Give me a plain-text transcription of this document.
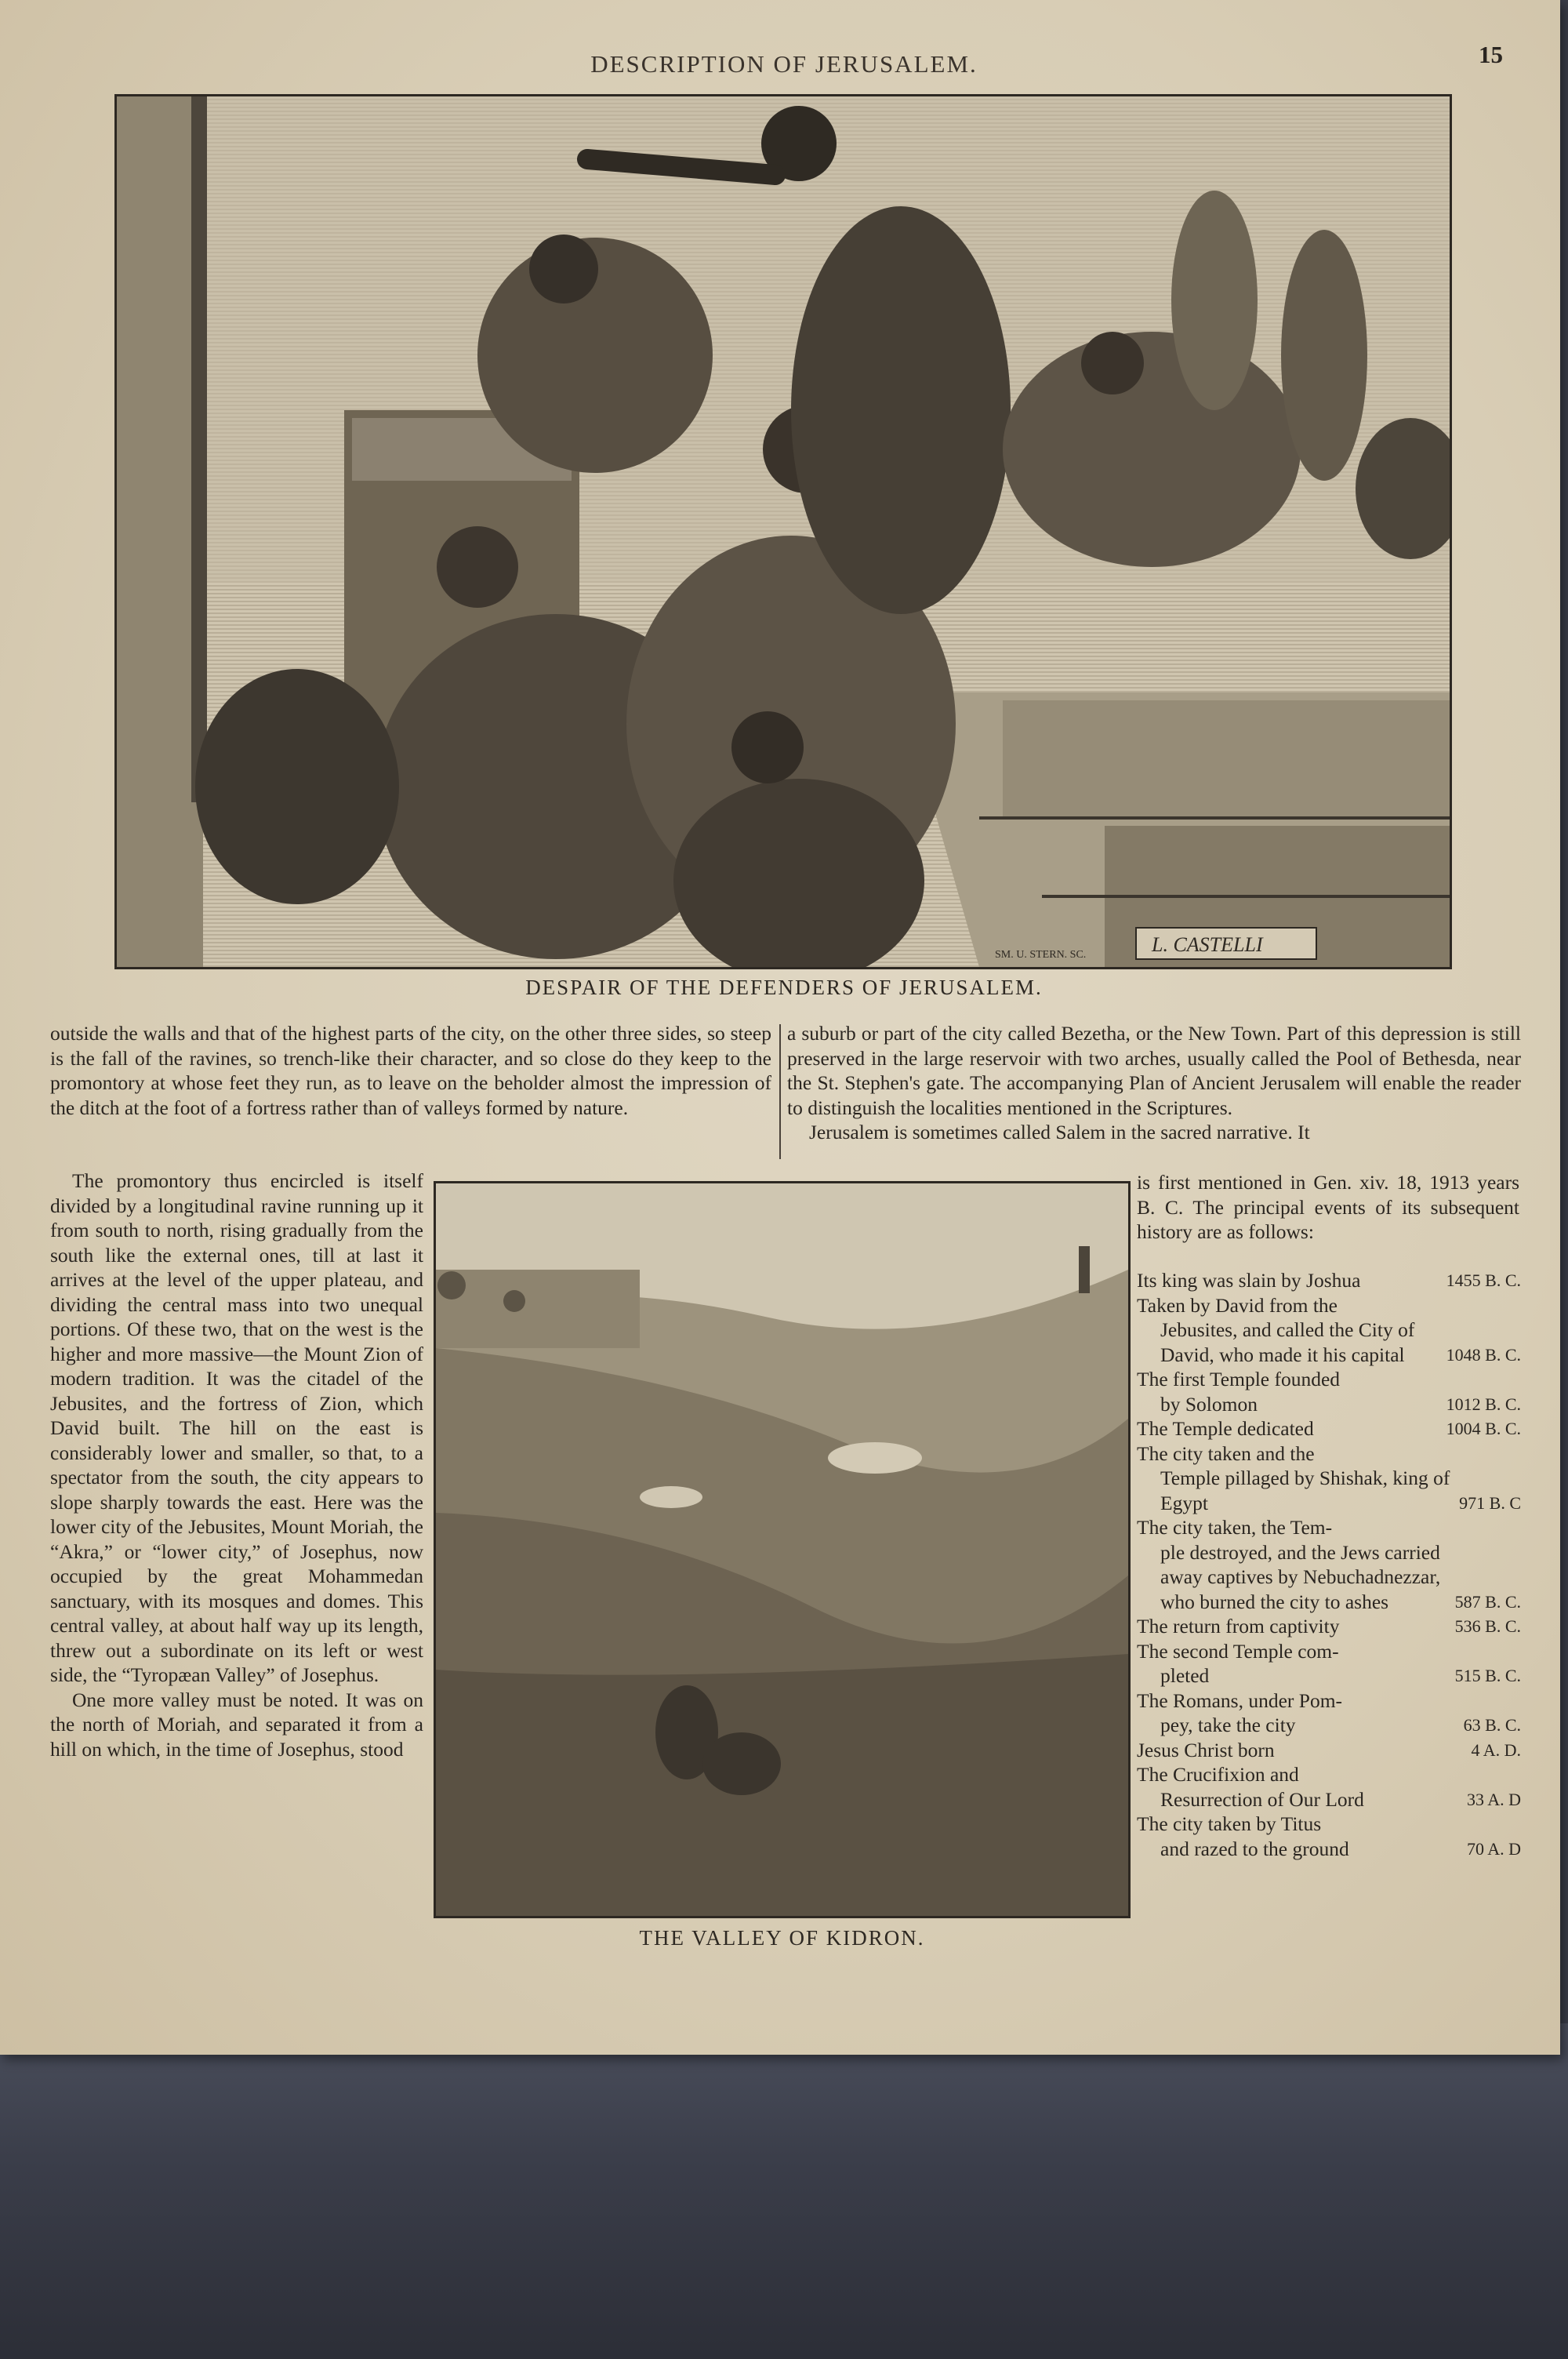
DESCRIPTION OF JERUSALEM.	15
SM. U. STERN. SC.	L. CASTELLI
DESPAIR OF THE DEFENDERS OF JERUSALEM.

outside the walls and that of the highest parts of the city, on the other three sides, so steep is the fall of the ravines, so trench-like their character, and so close do they keep to the promontory at whose feet they run, as to leave on the beholder almost the impression of the ditch at the foot of a fortress rather than of valleys formed by nature.

a suburb or part of the city called Bezetha, or the New Town. Part of this depression is still preserved in the large reservoir with two arches, usually called the Pool of Bethesda, near the St. Stephen's gate. The accompanying Plan of Ancient Jerusalem will enable the reader to distinguish the localities mentioned in the Scriptures.

Jerusalem is sometimes called Salem in the sacred narrative. It

The promontory thus encircled is itself divided by a longitudinal ravine running up it from south to north, rising gradually from the south like the external ones, till at last it arrives at the level of the upper plateau, and dividing the central mass into two unequal portions. Of these two, that on the west is the higher and more massive—the Mount Zion of modern tradition. It was the citadel of the Jebusites, and the fortress of Zion, which David built. The hill on the east is considerably lower and smaller, so that, to a spectator from the south, the city appears to slope sharply towards the east. Here was the lower city of the Jebusites, Mount Moriah, the “Akra,” or “lower city,” of Josephus, now occupied by the great Mohammedan sanctuary, with its mosques and domes. This central valley, at about half way up its length, threw out a subordinate on its left or west side, the “Tyropæan Valley” of Josephus.

One more valley must be noted. It was on the north of Moriah, and separated it from a hill on which, in the time of Josephus, stood

THE VALLEY OF KIDRON.

is first mentioned in Gen. xiv. 18, 1913 years B. C. The principal events of its subsequent history are as follows:

Its king was slain by Joshua	1455 B. C.
Taken by David from the
Jebusites, and called the City of David, who made it his capital	1048 B. C.
The first Temple founded
by Solomon	1012 B. C.
The Temple dedicated	1004 B. C.
The city taken and the
Temple pillaged by Shishak, king of Egypt	971 B. C
The city taken, the Tem-
ple destroyed, and the Jews carried away captives by Nebuchadnezzar, who burned the city to ashes	587 B. C.
The return from captivity	536 B. C.
The second Temple com-
pleted	515 B. C.
The Romans, under Pom-
pey, take the city	63 B. C.
Jesus Christ born	4 A. D.
The Crucifixion and
Resurrection of Our Lord	33 A. D
The city taken by Titus
and razed to the ground	70 A. D
